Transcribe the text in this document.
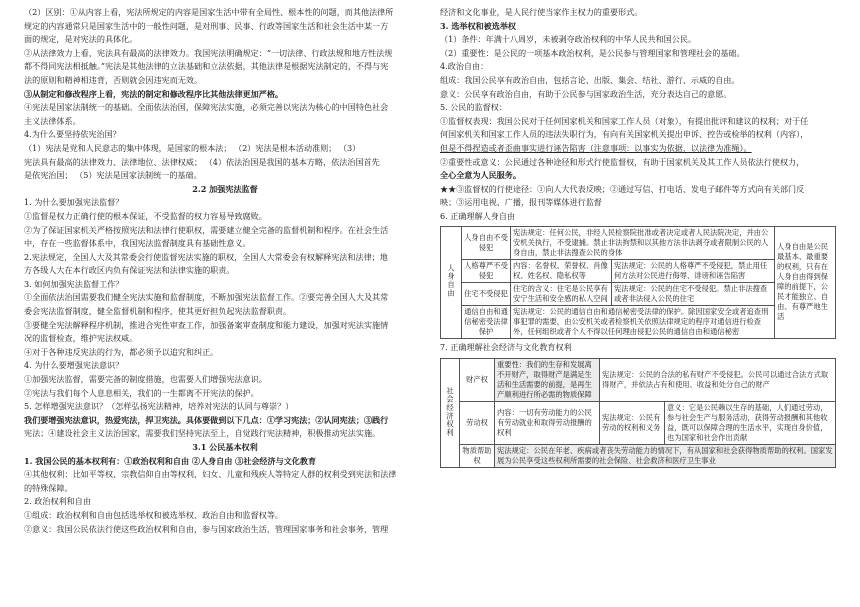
（2）区别：①从内容上看，宪法所规定的内容是国家生活中带有全局性、根本性的问题，而其他法律所

规定的内容通常只是国家生活中的一般性问题，是对刑事、民事、行政等国家生活和社会生活中某一方

面的规定，是对宪法的具体化。

②从法律效力上看，宪法具有最高的法律效力。我国宪法明确规定：“一切法律、行政法规和地方性法规

都不得同宪法相抵触。”宪法是其他法律的立法基础和立法依据，其他法律是根据宪法制定的，不得与宪

法的原则和精神相违背，否则就会因违宪而无效。

③从制定和修改程序上看，宪法的制定和修改程序比其他法律更加严格。

④宪法是国家法制统一的基础。全面依法治国，保障宪法实施，必须完善以宪法为核心的中国特色社会

主义法律体系。

4.为什么要坚持依宪治国？

（1）宪法是党和人民意志的集中体现，是国家的根本法； （2）宪法是根本活动准则； （3）

宪法具有最高的法律效力、法律地位、法律权威； （4）依法治国是我国的基本方略，依法治国首先

是依宪治国； （5）宪法是国家法制统一的基础。

2.2 加强宪法监督

1. 为什么要加强宪法监督？

①监督是权力正确行使的根本保证，不受监督的权力容易导致腐败。

②为了保证国家机关严格按照宪法和法律行使职权，需要建立健全完备的监督机制和程序。在社会生活

中，存在一些监督体系中，我国宪法监督制度具有基础性意义。

2.宪法规定，全国人大及其常委会行使监督宪法实施的职权，全国人大常委会有权解释宪法和法律；地

方各级人大在本行政区内负有保证宪法和法律实施的职责。

3. 如何加强宪法监督工作？

①全面依法治国需要我们健全宪法实施和监督制度，不断加强宪法监督工作。②要完善全国人大及其常

委会宪法监督制度，健全监督机制和程序，使其更好担负起宪法监督职责。

③要健全宪法解释程序机制，推进合宪性审查工作，加强备案审查制度和能力建设，加强对宪法实施情

况的监督检查，维护宪法权威。

④对于各种违反宪法的行为，都必须予以追究和纠正。

4. 为什么要增强宪法意识？

①加强宪法监督，需要完备的制度措施，也需要人们增强宪法意识。

②宪法与我们每个人息息相关，我们的一生都离不开宪法的保护。

5. 怎样增强宪法意识？（怎样弘扬宪法精神，培养对宪法的认同与尊崇？）

我们要增强宪法意识，热爱宪法，捍卫宪法。具体要做到以下几点：①学习宪法；②认同宪法；③践行

宪法；④建设社会主义法治国家，需要我们坚持宪法至上，自觉践行宪法精神，积极推动宪法实施。

3.1 公民基本权利

1. 我国公民的基本权利有：①政治权利和自由 ②人身自由 ③社会经济与文化教育

④其他权利：比如平等权、宗教信仰自由等权利，妇女、儿童和残疾人等特定人群的权利受到宪法和法律

的特殊保障。

2. 政治权利和自由

①组成：政治权利和自由包括选举权和被选举权、政治自由和监督权等。

②意义：我国公民依法行使这些政治权利和自由，参与国家政治生活，管理国家事务和社会事务，管理

经济和文化事业，是人民行使当家作主权力的重要形式。

3. 选举权和被选举权

（1）条件：年满十八周岁，未被剥夺政治权利的中华人民共和国公民。

（2）重要性：是公民的一项基本政治权利，是公民参与管理国家和管理社会的基础。

4.政治自由：

组成：我国公民享有政治自由，包括言论、出版、集会、结社、游行、示威的自由。

意义：公民享有政治自由，有助于公民参与国家政治生活，充分表达自己的意愿。

5. 公民的监督权：

①监督权表现：我国公民对于任何国家机关和国家工作人员（对象），有提出批评和建议的权利；对于任

何国家机关和国家工作人员的违法失职行为，有向有关国家机关提出申诉、控告或检举的权利（内容），

但是不得捏造或者歪曲事实进行诬告陷害（注意事项：以事实为依据，以法律为准绳）。

②重要性或意义：公民通过各种途径和形式行使监督权，有助于国家机关及其工作人员依法行使权力，

全心全意为人民服务。

★★③监督权的行使途径：①向人大代表反映；②通过写信、打电话、发电子邮件等方式向有关部门反

映；③运用电视、广播，报刊等媒体进行监督

6. 正确理解人身自由

人身自由	人身自由不受侵犯	宪法规定：任何公民，非经人民检察院批准或者决定或者人民法院决定，并由公安机关执行，不受逮捕。禁止非法拘禁和以其他方法非法剥夺或者限制公民的人身自由，禁止非法搜查公民的身体		人身自由是公民最基本、最重要的权利，只有在人身自由得到保障的前提下，公民才能独立、自由、有尊严地生活
	人格尊严不受侵犯	内容：名誉权、荣誉权、肖像权、姓名权、隐私权等	宪法规定：公民的人格尊严不受侵犯，禁止用任何方法对公民进行侮辱、诽谤和诬告陷害	
	住宅不受侵犯	住宅的含义：住宅是公民享有安宁生活和安全感的私人空间	宪法规定：公民的住宅不受侵犯。禁止非法搜查或者非法侵入公民的住宅	
	通信自由和通信秘密受法律保护	宪法规定：公民的通信自由和通信秘密受法律的保护。除因国家安全或者追查刑事犯罪的需要，由公安机关或者检察机关依照法律规定的程序对通信进行检查外，任何组织或者个人不得以任何理由侵犯公民的通信自由和通信秘密		

7. 正确理解社会经济与文化教育权利

社会经济权利	财产权	重要性：我们的生存和发展离不开财产，取得财产是满足生活和生活需要的前提，是再生产顺利进行所必需的物质保障	宪法规定：公民的合法的私有财产不受侵犯。公民可以通过合法方式取得财产，并依法占有和使用、收益和处分自己的财产	
	劳动权	内容：一切有劳动能力的公民有劳动就业和取得劳动报酬的权利	宪法规定：公民有劳动的权利和义务	意义：它是公民赖以生存的基础，人们通过劳动，参与社会生产与服务活动，获得劳动报酬和其他收益，既可以保障合理的生活水平，实现自身价值，也为国家和社会作出贡献
	物质帮助权	宪法规定：公民在年老、疾病或者丧失劳动能力的情况下，有从国家和社会获得物质帮助的权利。国家发展为公民享受这些权利所需要的社会保险、社会救济和医疗卫生事业		
